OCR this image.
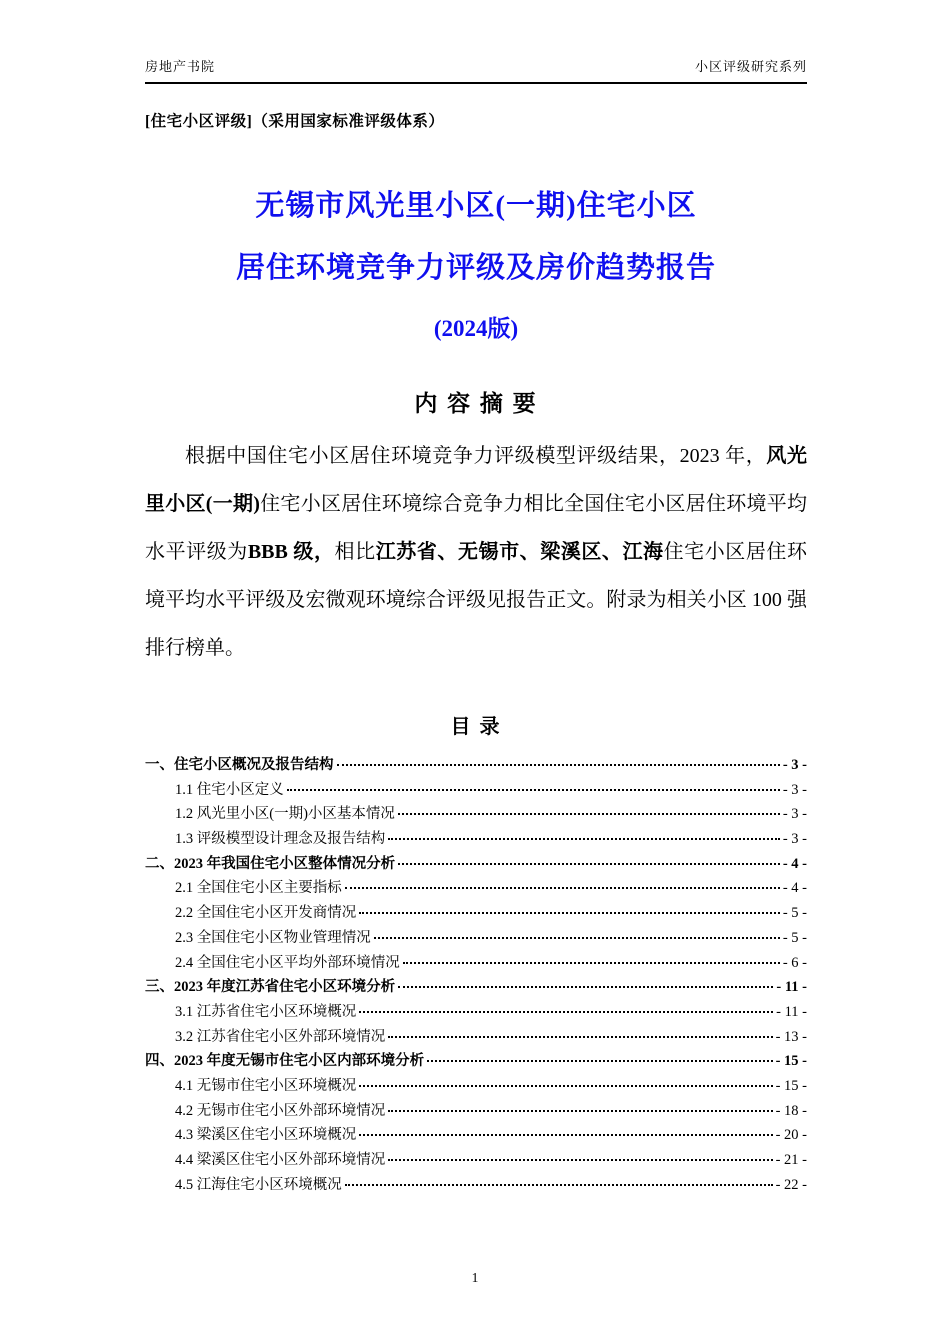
房地产书院	小区评级研究系列
[住宅小区评级]（采用国家标准评级体系）
无锡市风光里小区(一期)住宅小区
居住环境竞争力评级及房价趋势报告
(2024版)
内 容 摘 要

根据中国住宅小区居住环境竞争力评级模型评级结果，2023 年，风光里小区(一期)住宅小区居住环境综合竞争力相比全国住宅小区居住环境平均水平评级为BBB 级，相比江苏省、无锡市、梁溪区、江海住宅小区居住环境平均水平评级及宏微观环境综合评级见报告正文。附录为相关小区 100 强排行榜单。

目 录
一、住宅小区概况及报告结构	- 3 -
1.1 住宅小区定义	- 3 -
1.2 风光里小区(一期)小区基本情况	- 3 -
1.3 评级模型设计理念及报告结构	- 3 -
二、2023 年我国住宅小区整体情况分析	- 4 -
2.1 全国住宅小区主要指标	- 4 -
2.2 全国住宅小区开发商情况	- 5 -
2.3 全国住宅小区物业管理情况	- 5 -
2.4 全国住宅小区平均外部环境情况	- 6 -
三、2023 年度江苏省住宅小区环境分析	- 11 -
3.1 江苏省住宅小区环境概况	- 11 -
3.2 江苏省住宅小区外部环境情况	- 13 -
四、2023 年度无锡市住宅小区内部环境分析	- 15 -
4.1 无锡市住宅小区环境概况	- 15 -
4.2 无锡市住宅小区外部环境情况	- 18 -
4.3 梁溪区住宅小区环境概况	- 20 -
4.4 梁溪区住宅小区外部环境情况	- 21 -
4.5 江海住宅小区环境概况	- 22 -
1
